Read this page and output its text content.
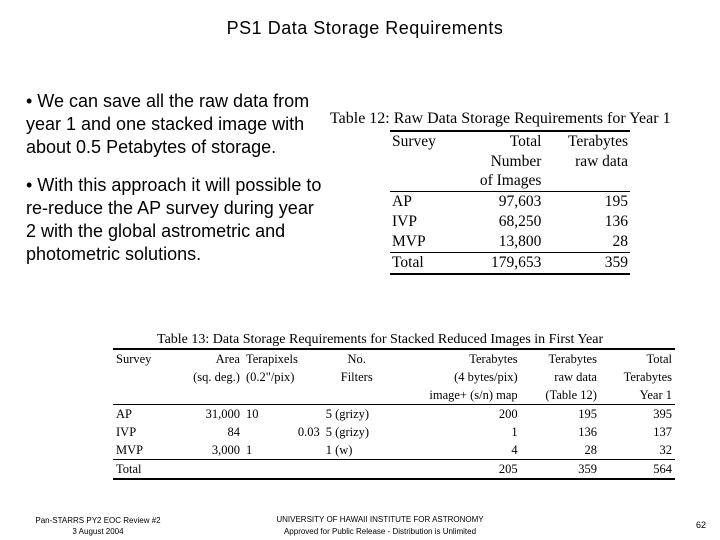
PS1 Data Storage Requirements
• We can save all the raw data from year 1 and one stacked image with about 0.5 Petabytes of storage.
• With this approach it will possible to re-reduce the AP survey during year 2 with the global astrometric and photometric solutions.
Table 12: Raw Data Storage Requirements for Year 1
Survey	Total	Terabytes
	Number	raw data
	of Images	
AP	97,603	195
IVP	68,250	136
MVP	13,800	28
Total	179,653	359
Table 13: Data Storage Requirements for Stacked Reduced Images in First Year
Survey	Area	Terapixels	No.	Terabytes	Terabytes	Total
	(sq. deg.)	(0.2"/pix)	Filters	(4 bytes/pix)	raw data	Terabytes
				image+ (s/n) map	(Table 12)	Year 1
AP	31,000	10	5 (grizy)	200	195	395
IVP	84	0.03	5 (grizy)	1	136	137
MVP	3,000	1	1 (w)	4	28	32
Total				205	359	564
Pan-STARRS PY2 EOC Review #2
3 August 2004
UNIVERSITY OF HAWAII INSTITUTE FOR ASTRONOMY
Approved for Public Release - Distribution is Unlimited
62
